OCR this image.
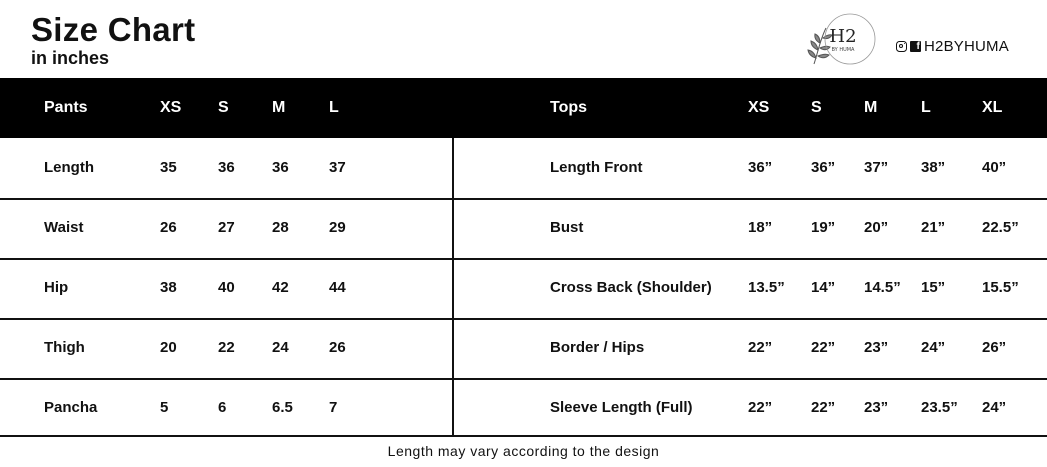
Size Chart
in inches
H2
BY HUMA	f H2BYHUMA
Pants	XS S	M	L	Tops	XS	S	M	L	XL
Length	35	36 36	37
Waist	26	27 28	29
Hip	38	40 42	44
Thigh	20	22 24	26
Pancha	5	6	6.5 7
Length Front	36”	36” 37” 38” 40”
Bust	18”	19” 20” 21” 22.5”
Cross Back (Shoulder) 13.5” 14” 14.5” 15” 15.5”
Border / Hips	22”	22” 23” 24” 26”
Sleeve Length (Full)	22”	22” 23” 23.5” 24”
Length may vary according to the design
